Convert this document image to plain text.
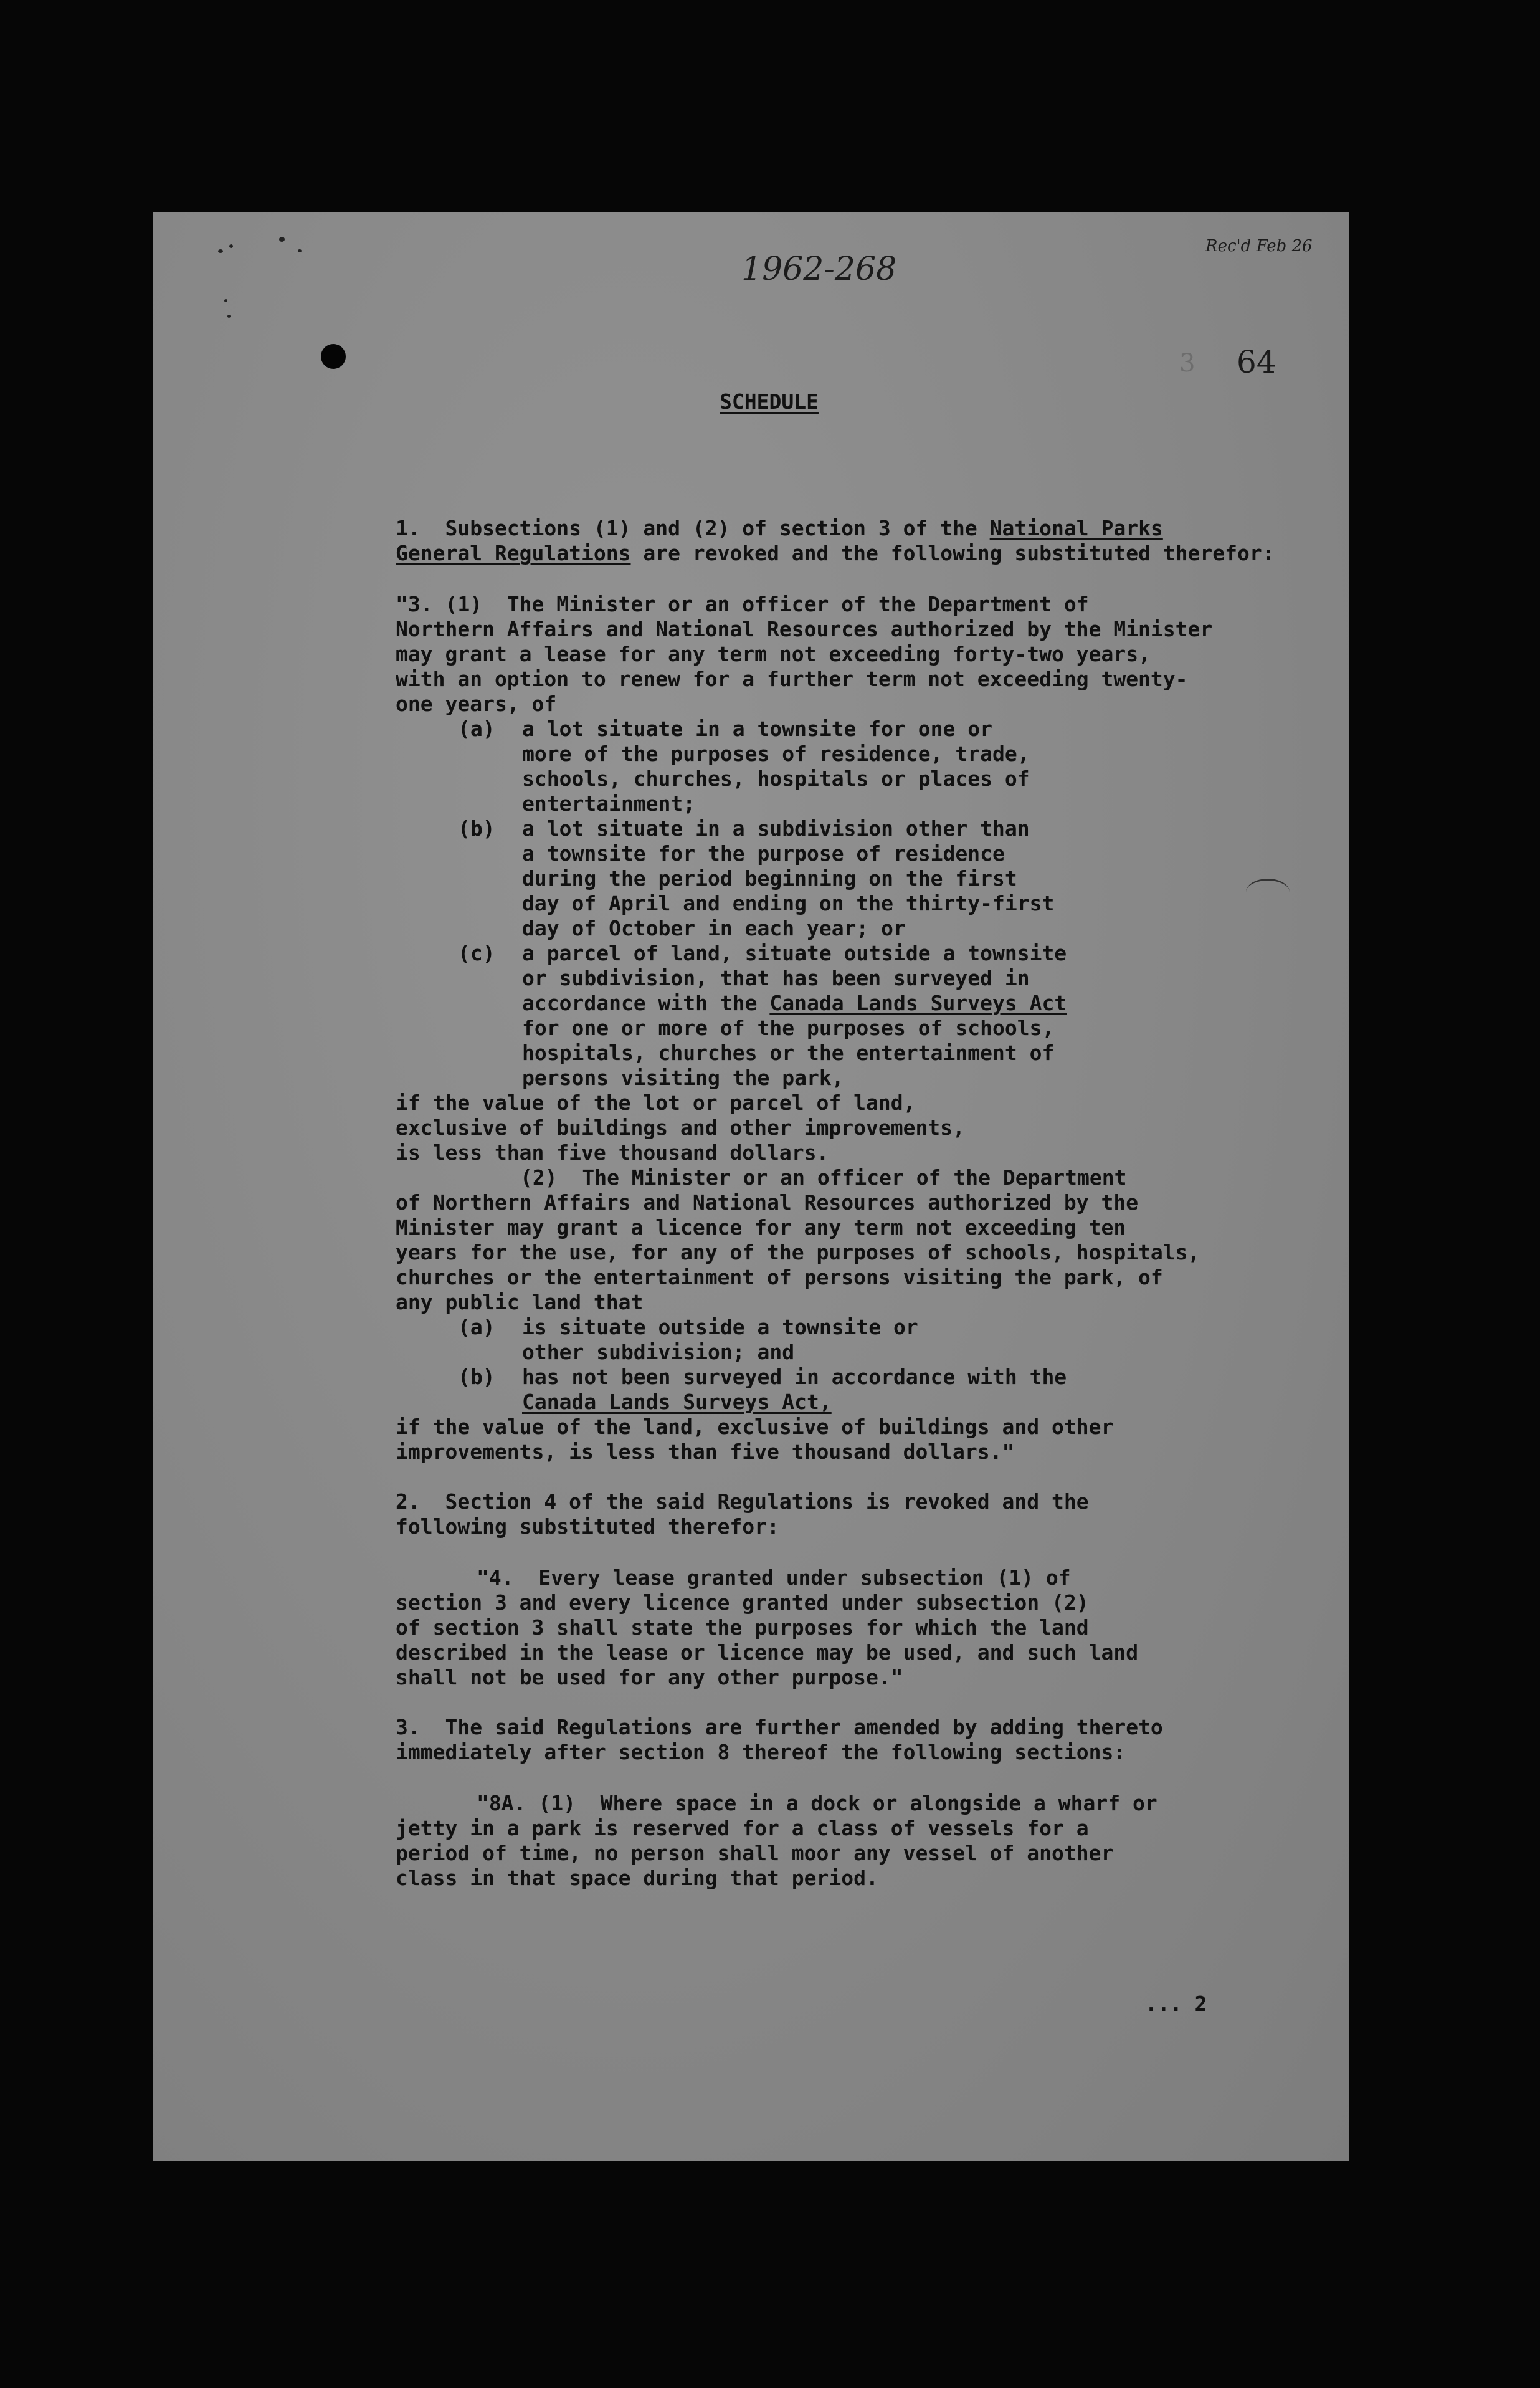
1962-268
Rec'd Feb 26
64
3
SCHEDULE
1.  Subsections (1) and (2) of section 3 of the National Parks
General Regulations are revoked and the following substituted therefor:
"3. (1)  The Minister or an officer of the Department of
Northern Affairs and National Resources authorized by the Minister
may grant a lease for any term not exceeding forty-two years,
with an option to renew for a further term not exceeding twenty-
one years, of
(a) a lot situate in a townsite for one or
more of the purposes of residence, trade,
schools, churches, hospitals or places of
entertainment;
(b) a lot situate in a subdivision other than
a townsite for the purpose of residence
during the period beginning on the first
day of April and ending on the thirty-first
day of October in each year; or
(c) a parcel of land, situate outside a townsite
or subdivision, that has been surveyed in
accordance with the Canada Lands Surveys Act
for one or more of the purposes of schools,
hospitals, churches or the entertainment of
persons visiting the park,
if the value of the lot or parcel of land,
exclusive of buildings and other improvements,
is less than five thousand dollars.
(2)  The Minister or an officer of the Department
of Northern Affairs and National Resources authorized by the
Minister may grant a licence for any term not exceeding ten
years for the use, for any of the purposes of schools, hospitals,
churches or the entertainment of persons visiting the park, of
any public land that
(a) is situate outside a townsite or
other subdivision; and
(b) has not been surveyed in accordance with the
Canada Lands Surveys Act,
if the value of the land, exclusive of buildings and other
improvements, is less than five thousand dollars."
2.  Section 4 of the said Regulations is revoked and the
following substituted therefor:
"4.  Every lease granted under subsection (1) of
section 3 and every licence granted under subsection (2)
of section 3 shall state the purposes for which the land
described in the lease or licence may be used, and such land
shall not be used for any other purpose."
3.  The said Regulations are further amended by adding thereto
immediately after section 8 thereof the following sections:
"8A. (1)  Where space in a dock or alongside a wharf or
jetty in a park is reserved for a class of vessels for a
period of time, no person shall moor any vessel of another
class in that space during that period.
... 2
